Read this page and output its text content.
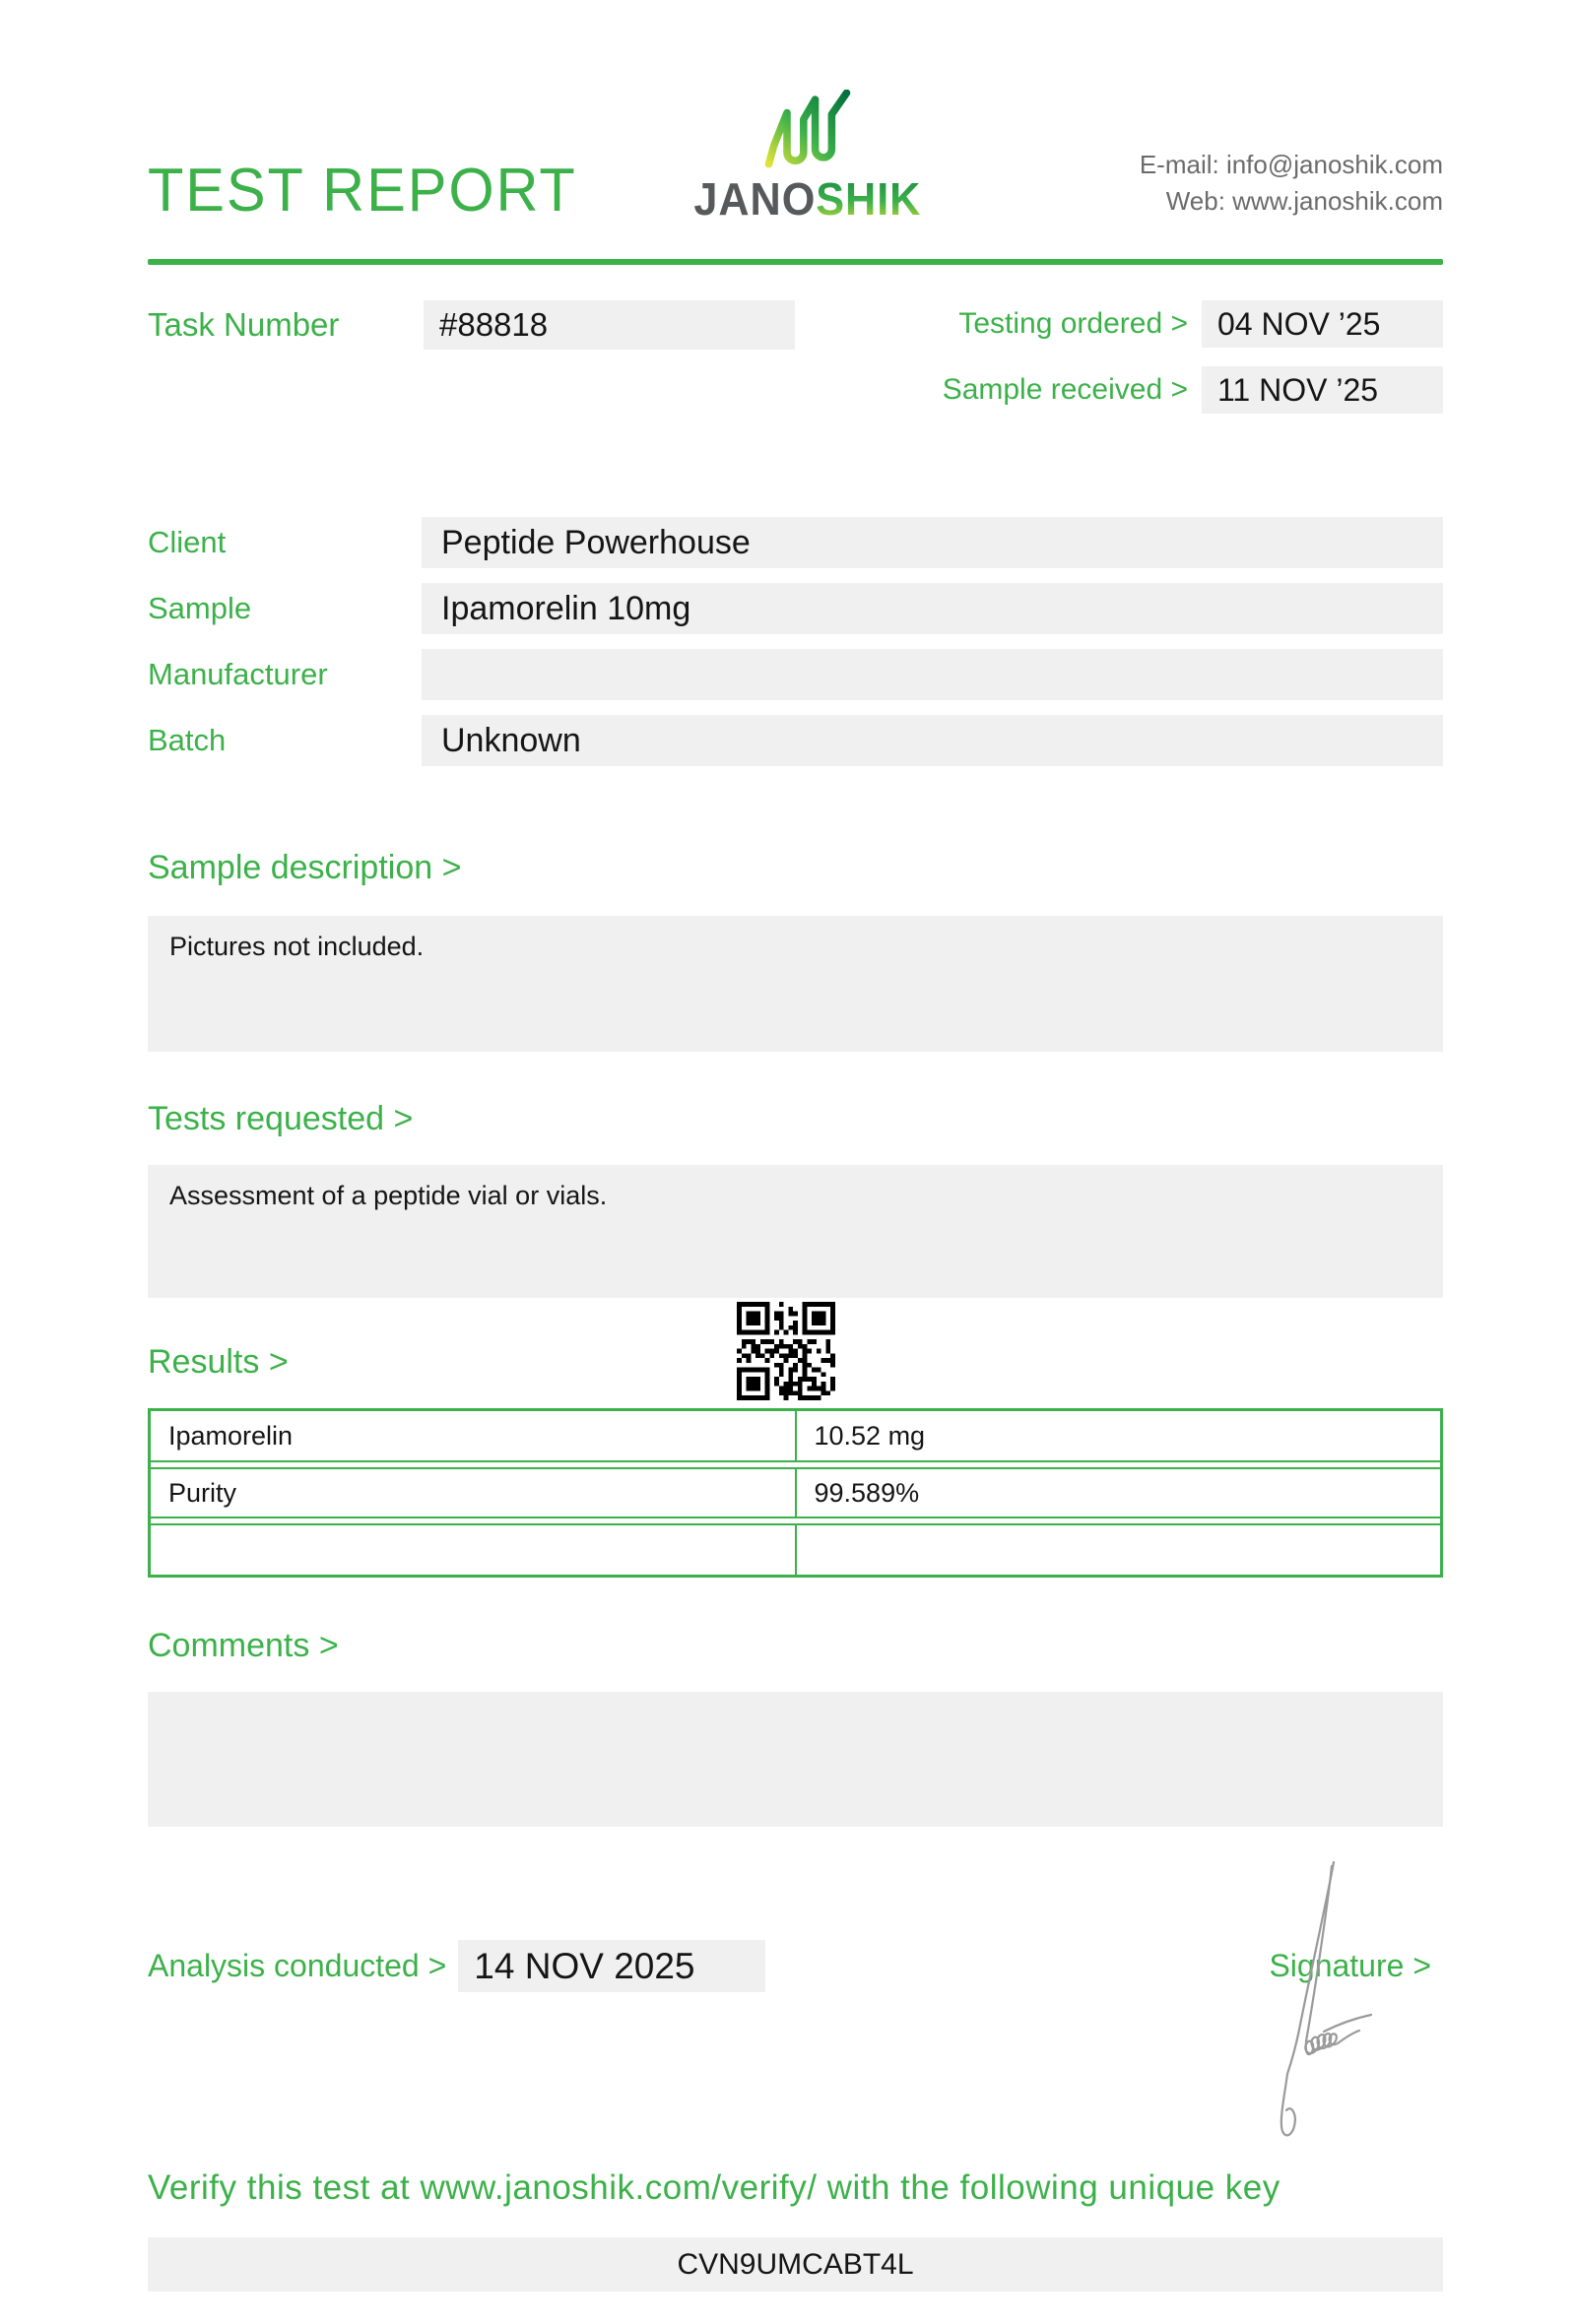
TEST REPORT	JANOSHIK
E-mail: info@janoshik.com
Web: www.janoshik.com
Task Number	#88818	Testing ordered > 04 NOV ’25
Sample received > 11 NOV ’25
Client	Peptide Powerhouse
Sample	Ipamorelin 10mg
Manufacturer
Batch	Unknown
Sample description >
Pictures not included.
Tests requested >
Assessment of a peptide vial or vials.
Results >
Ipamorelin	10.52 mg
Purity	99.589%
Comments >
Analysis conducted > 14 NOV 2025	Signature >
Verify this test at www.janoshik.com/verify/ with the following unique key
CVN9UMCABT4L
